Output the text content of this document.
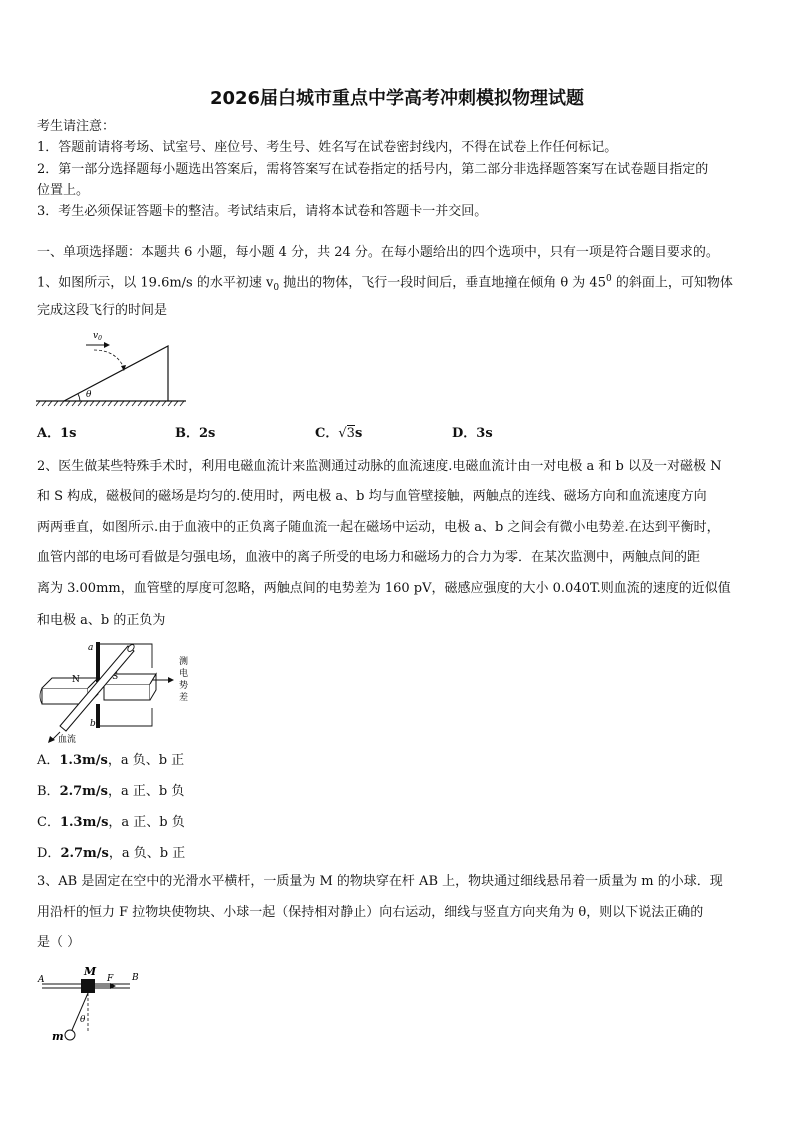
2026届白城市重点中学高考冲刺模拟物理试题
考生请注意：
1．答题前请将考场、试室号、座位号、考生号、姓名写在试卷密封线内，不得在试卷上作任何标记。
2．第一部分选择题每小题选出答案后，需将答案写在试卷指定的括号内，第二部分非选择题答案写在试卷题目指定的
位置上。
3．考生必须保证答题卡的整洁。考试结束后，请将本试卷和答题卡一并交回。
一、单项选择题：本题共 6 小题，每小题 4 分，共 24 分。在每小题给出的四个选项中，只有一项是符合题目要求的。
1、如图所示，以 19.6m/s 的水平初速 $v_0$ 抛出的物体，飞行一段时间后，垂直地撞在倾角 θ 为 $45^0$ 的斜面上，可知物体
完成这段飞行的时间是
θ
$v_0$
A．1s	B．2s	C．√3s	D．3s
2、医生做某些特殊手术时，利用电磁血流计来监测通过动脉的血流速度.电磁血流计由一对电极 a 和 b 以及一对磁极 N
和 S 构成，磁极间的磁场是均匀的.使用时，两电极 a、b 均与血管壁接触，两触点的连线、磁场方向和血流速度方向
两两垂直，如图所示.由于血液中的正负离子随血流一起在磁场中运动，电极 a、b 之间会有微小电势差.在达到平衡时，
血管内部的电场可看做是匀强电场，血液中的离子所受的电场力和磁场力的合力为零．在某次监测中，两触点间的距
离为 3.00mm，血管壁的厚度可忽略，两触点间的电势差为 160 pV，磁感应强度的大小 0.040T.则血流的速度的近似值
和电极 a、b 的正负为
N	S
a
b
血流
测
电
势
差
A．1.3m/s，a 负、b 正
B．2.7m/s，a 正、b 负
C．1.3m/s，a 正、b 负
D．2.7m/s，a 负、b 正
3、AB 是固定在空中的光滑水平横杆，一质量为 M 的物块穿在杆 AB 上，物块通过细线悬吊着一质量为 m 的小球．现
用沿杆的恒力 F 拉物块使物块、小球一起（保持相对静止）向右运动，细线与竖直方向夹角为 θ，则以下说法正确的
是（ ）
A	B
M
F
θ
m
